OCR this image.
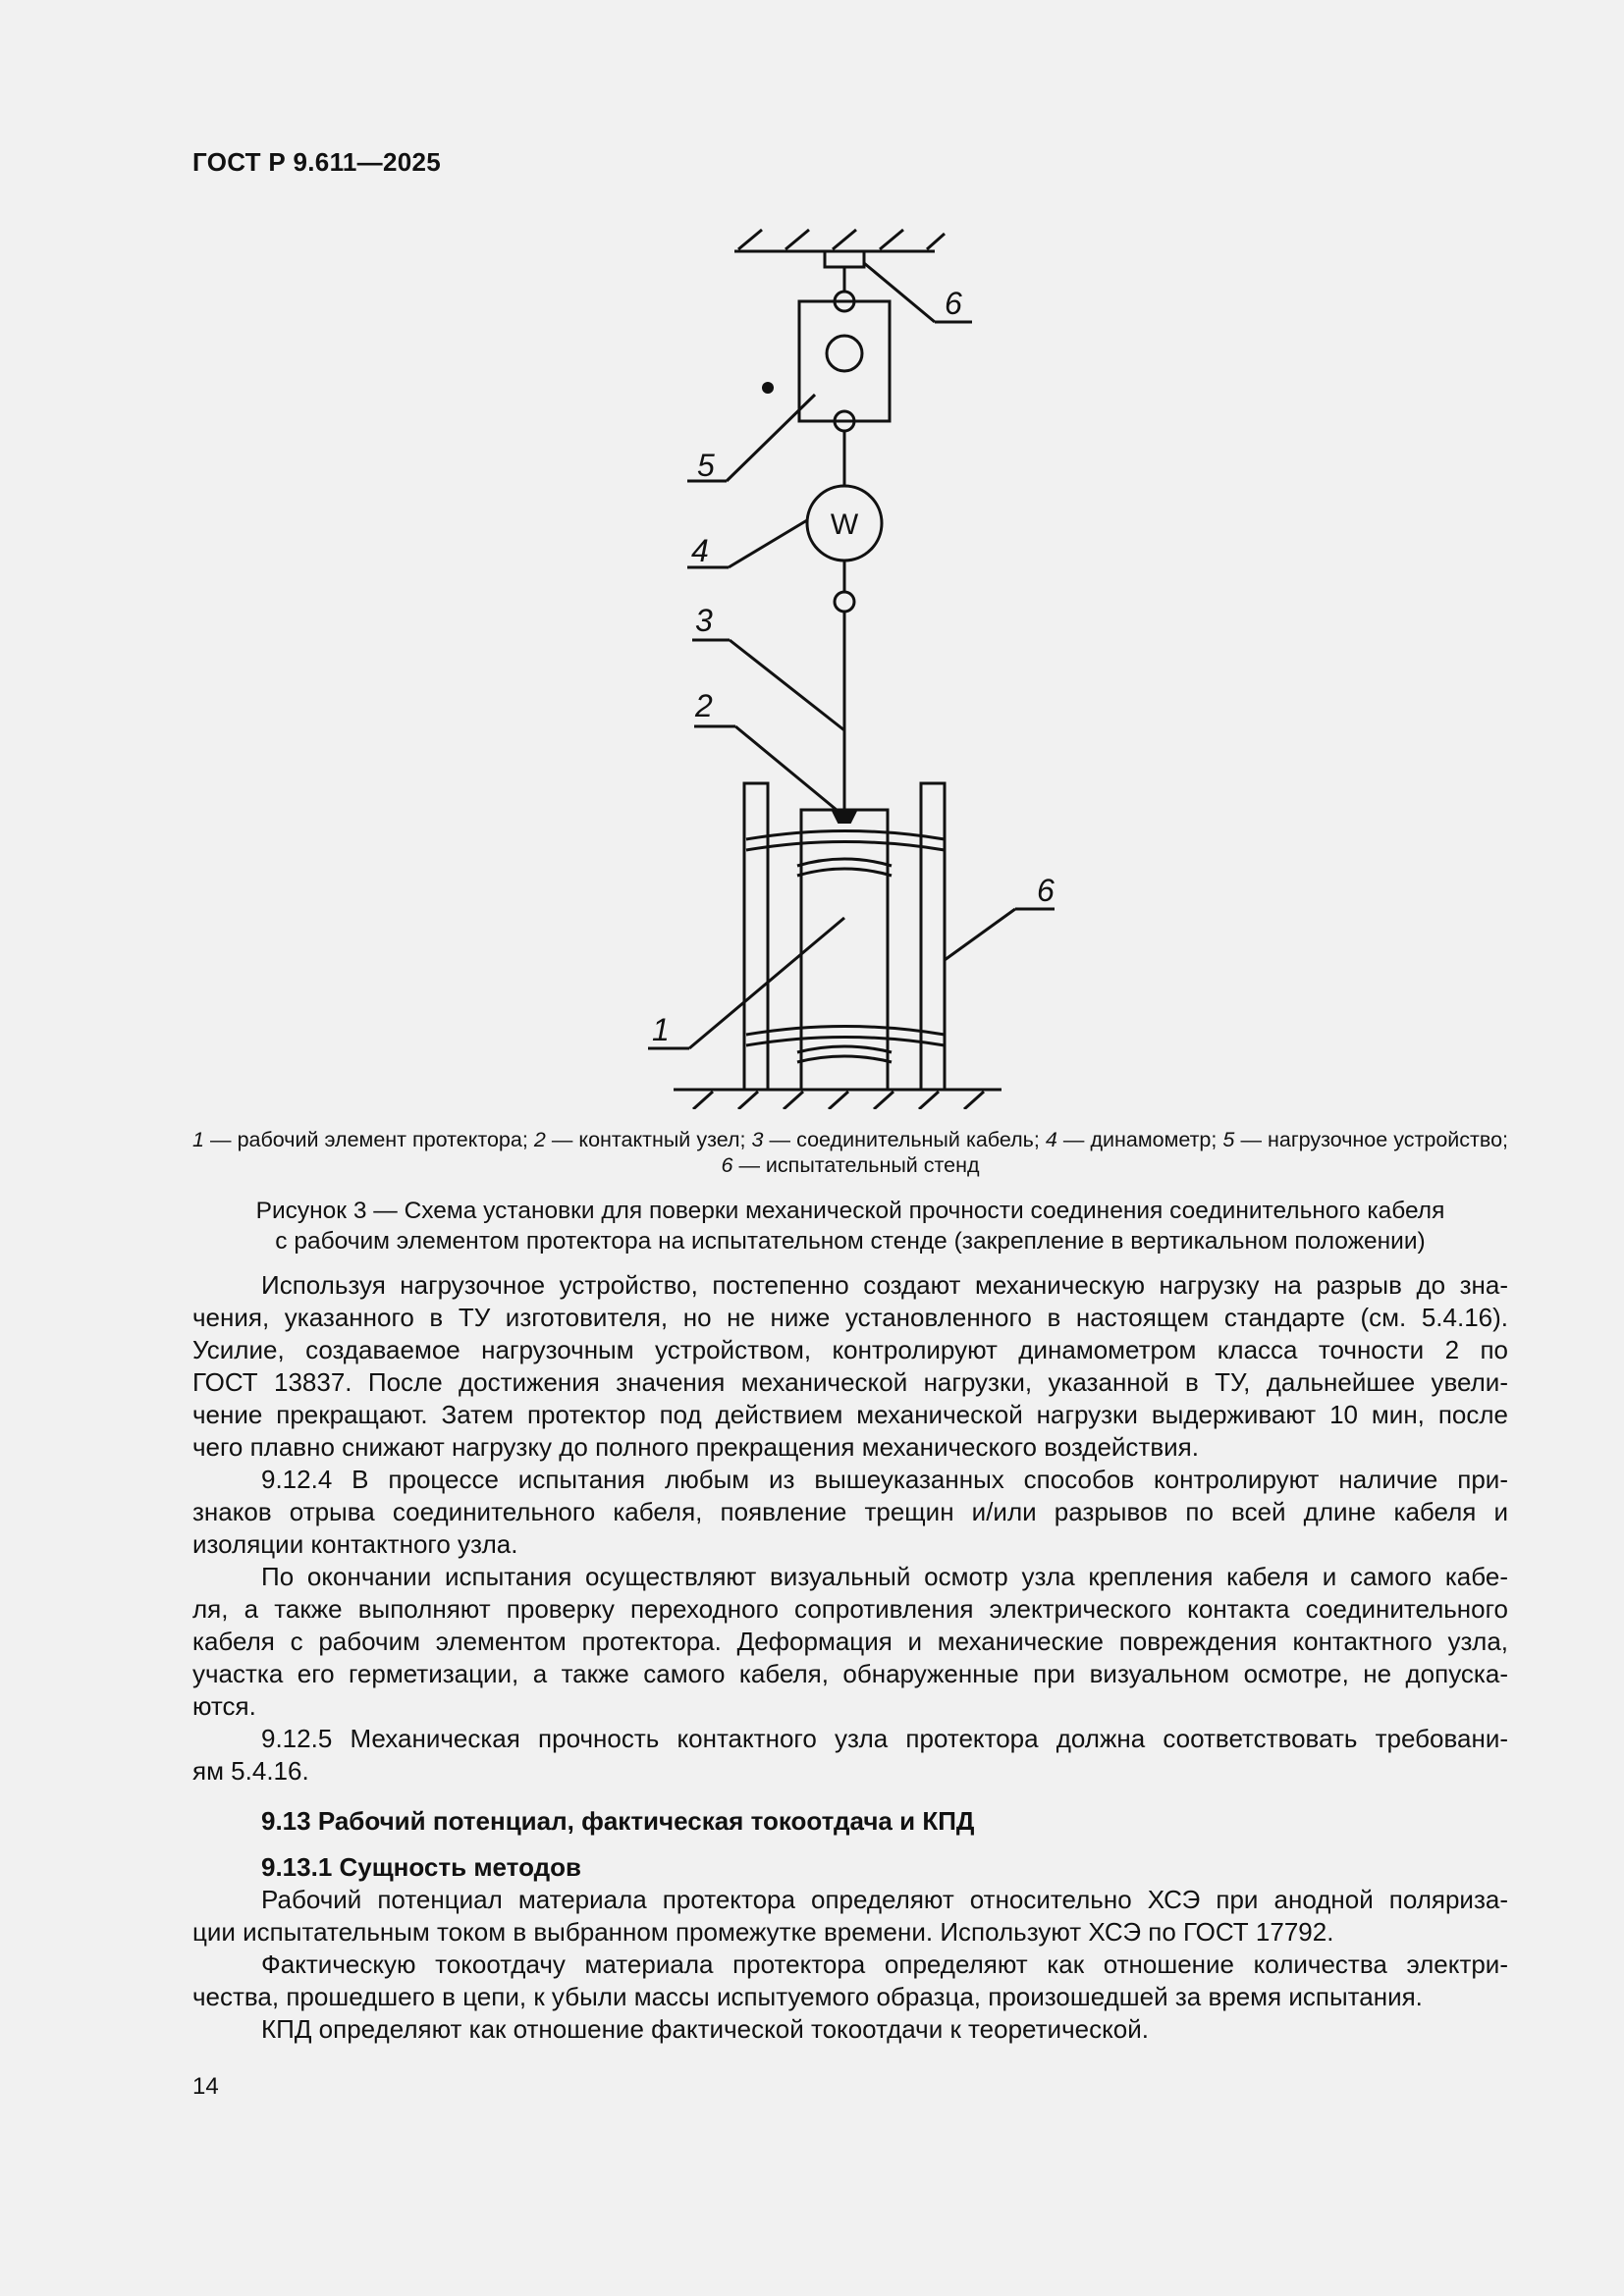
ГОСТ Р 9.611—2025
W
6
5
4
3
2
6
1
1 — рабочий элемент протектора; 2 — контактный узел; 3 — соединительный кабель; 4 — динамометр; 5 — нагрузочное устройство; 6 — испытательный стенд
Рисунок 3 — Схема установки для поверки механической прочности соединения соединительного кабеля
с рабочим элементом протектора на испытательном стенде (закрепление в вертикальном положении)
Используя нагрузочное устройство, постепенно создают механическую нагрузку на разрыв до зна-
чения, указанного в ТУ изготовителя, но не ниже установленного в настоящем стандарте (см. 5.4.16).
Усилие, создаваемое нагрузочным устройством, контролируют динамометром класса точности 2 по
ГОСТ 13837. После достижения значения механической нагрузки, указанной в ТУ, дальнейшее увели-
чение прекращают. Затем протектор под действием механической нагрузки выдерживают 10 мин, после
чего плавно снижают нагрузку до полного прекращения механического воздействия.
9.12.4 В процессе испытания любым из вышеуказанных способов контролируют наличие при-
знаков отрыва соединительного кабеля, появление трещин и/или разрывов по всей длине кабеля и
изоляции контактного узла.
По окончании испытания осуществляют визуальный осмотр узла крепления кабеля и самого кабе-
ля, а также выполняют проверку переходного сопротивления электрического контакта соединительного
кабеля с рабочим элементом протектора. Деформация и механические повреждения контактного узла,
участка его герметизации, а также самого кабеля, обнаруженные при визуальном осмотре, не допуска-
ются.
9.12.5 Механическая прочность контактного узла протектора должна соответствовать требовани-
ям 5.4.16.
9.13 Рабочий потенциал, фактическая токоотдача и КПД
9.13.1 Сущность методов
Рабочий потенциал материала протектора определяют относительно ХСЭ при анодной поляриза-
ции испытательным током в выбранном промежутке времени. Используют ХСЭ по ГОСТ 17792.
Фактическую токоотдачу материала протектора определяют как отношение количества электри-
чества, прошедшего в цепи, к убыли массы испытуемого образца, произошедшей за время испытания.
КПД определяют как отношение фактической токоотдачи к теоретической.
14
